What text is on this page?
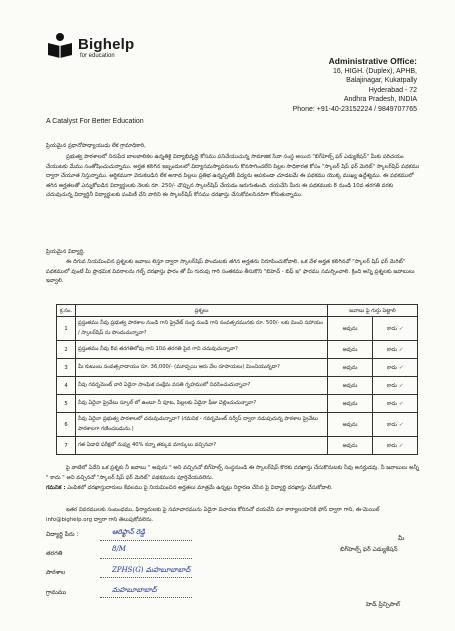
Bighelp
for education
A Catalyst For Better Education
Administrative Office:
16, HIGH. (Duplex), APHB,
Balajinagar, Kukatpally
Hyderabad - 72
Andhra Pradesh, INDIA
Phone: +91-40-23152224 / 9849707765
ప్రియమైన ప్రధానోపాధ్యాయుడు లేక గ్రామాధికారి,
ప్రభుత్వ పాఠశాలలో నిరుపేద బాలబాలికల ఉన్నతికై విద్యాభివృద్ధి కోసము పనిచేయుచున్న సామాజిక సేవా సంస్థ అయిన "బిగ్‌హెల్ప్ ఫర్ ఎడ్యుకేషన్" మీకు పరిచయం చేయుటకు మేము సంతోషించుచున్నాము. అర్హత కలిగిన ఇబ్బందులలో విద్యాసమస్యాపరులను కొనసాగించలేని పిల్లల సాధికారత కోసం "స్కాలర్ షిప్ ఫర్ మెరిట్" స్కాలర్‌షిప్ పథకము ద్వారా చేయూత నిస్తున్నాము. ఆర్థికముగా వెనుకబడిన లేక అనాథ పిల్లలు ప్రతిభ ఉన్నప్పటికీ విద్యను ఆపకుండా చూడటమే ఈ పథకము యొక్క ముఖ్య ఉద్దేశ్యము. ఈ పథకములో తగిన అర్హతలతో ఎన్నుకోబడిన విద్యార్థులకు నెలకు రూ. 250/- చొప్పున స్కాలర్‌షిప్ చేయడం జరుగుతుంది. దయచేసి మీరు ఈ పథకముకు 8 నుండి 10వ తరగతి వరకు చదువుచున్న విద్యార్థినీ విద్యార్థులకు పంపిణీ చేసి వారిని ఈ స్కాలర్‌షిప్ కోసము దరఖాస్తు చేసుకోవలసినదిగా కోరుతున్నాము.
ప్రియమైన విద్యార్థి,
ఈ దిగువ నియమించిన ప్రశ్నలకు జవాబు లిస్తూ ద్వారా స్కాలర్‌షిప్ పొందుటకు తగిన అర్హతను నిరూపించుకోవాలి. ఒక వేళ అర్హత కలిగినచో "స్కాలర్ షిప్ ఫర్ మెరిట్" పథకములో వుంటే మీ ప్రాథమిక వివరాలను గల్ఫ్ దరఖాస్తు ఫారం తో మీ గురువు గారి సంతకము తీసుకొని "బిహెచ్ - బిఫ్ ఇ" ఫారము సమర్పించాలి. క్రింది అన్ని ప్రశ్నలకు జవాబులు ఇవ్వాలి.
క్ర.సం.	ప్రశ్నలు	జవాబు పై గుర్తు పెట్టాలి	
1	ప్రస్తుతము నీవు ప్రభుత్వ పాఠశాల నుండి గాని ప్రైవేట్ సంస్థ నుండి గాని సంవత్సరమునకు రూ. 500/- లకు మించి సహాయం / స్కాలర్‌షిప్ ను పొందుచున్నావా?	అవును	కాదు ✓
2	ప్రస్తుతము నీవు 8వ తరగతిలోపు గాని 10వ తరగతి పైన గాని చదువుచున్నావా?	అవును	కాదు ✓
3	మీ కుటుంబ సంవత్సరాదాయం రూ. 36,000/- (మూప్పయి ఆరు వేల రూపాయలు) మించియున్నదా?	అవును	కాదు ✓
4	నీవు గవర్నమెంట్ వారి ఏదైనా సాంఘిక సంక్షేమ వసతి గృహములో నివసించుచున్నావా?	అవును	కాదు ✓
5	నీవు ఏదైనా ప్రైవేటు స్కూల్ లో ఉంటూ నీ పూట, పిల్లలకు ఏదైనా ఫీజు చెల్లించుచున్నావా?	అవును	కాదు ✓
6	నీవు ఏదైనా ప్రభుత్వ పాఠశాలలో చదువుచున్నావా? (గమనిక - గవర్నమెంట్ సర్వీస్ ద్వారా నడుపుచున్న పాఠశాల ప్రైవేటు పాఠశాలగా గణించబడును.)	అవును	కాదు ✓
7	గత ఏడాది పరీక్షలో నువ్వు 40% కన్నా తక్కువ మార్కులు వచ్చినవా?	అవును	కాదు ✓
పై వాటిలో ఏదేని ఒక ప్రశ్నకు నీ జవాబు " అవును " అని వచ్చినచో బిగ్‌హెల్ప్ సంస్థనుండి ఈ స్కాలర్‌షిప్ కొరకు దరఖాస్తు చేసుకొనుటకు నీవు అనర్హుడవు. నీ జవాబులు అన్నీ " కాదు " అని వచ్చినచో "స్కాలర్ షిప్ ఫర్ మెరిట్" పథకమును పూర్తిచేయవలెను.
గమనిక : ఎంపికలో దరఖాస్తుదారులు కేవలము పై నియమించిన అర్హతలు మాత్రమే ఉన్నట్లు నిర్ధారణ చేసిన పై విద్యార్థి దరఖాస్తు చేసుకోవాలి.
ఇతర వివరములకు సంబంధము, ఫిర్యాదులకు పై సమాచారమును ఏదైనా విచారణ కోరినచో దయచేసి మా కార్యాలయానికి ఫోన్ ద్వారా గాని, ఈ-మెయిల్
info@bighelp.org ద్వారా గాని తెలుపుకోవలెను.
విద్యార్థి పేరు :	ఆరిఫ్ఖాన్ రెడ్డి
తరగతి
8/M
పాఠశాల	ZPHS(G) మహబూబాబాద్
గ్రామము	మహబూబాబాద్
మీ
బిగ్‌హెల్ప్ ఫర్ ఎడ్యుకేషన్
హెడ్ ప్రిన్సిపాల్
